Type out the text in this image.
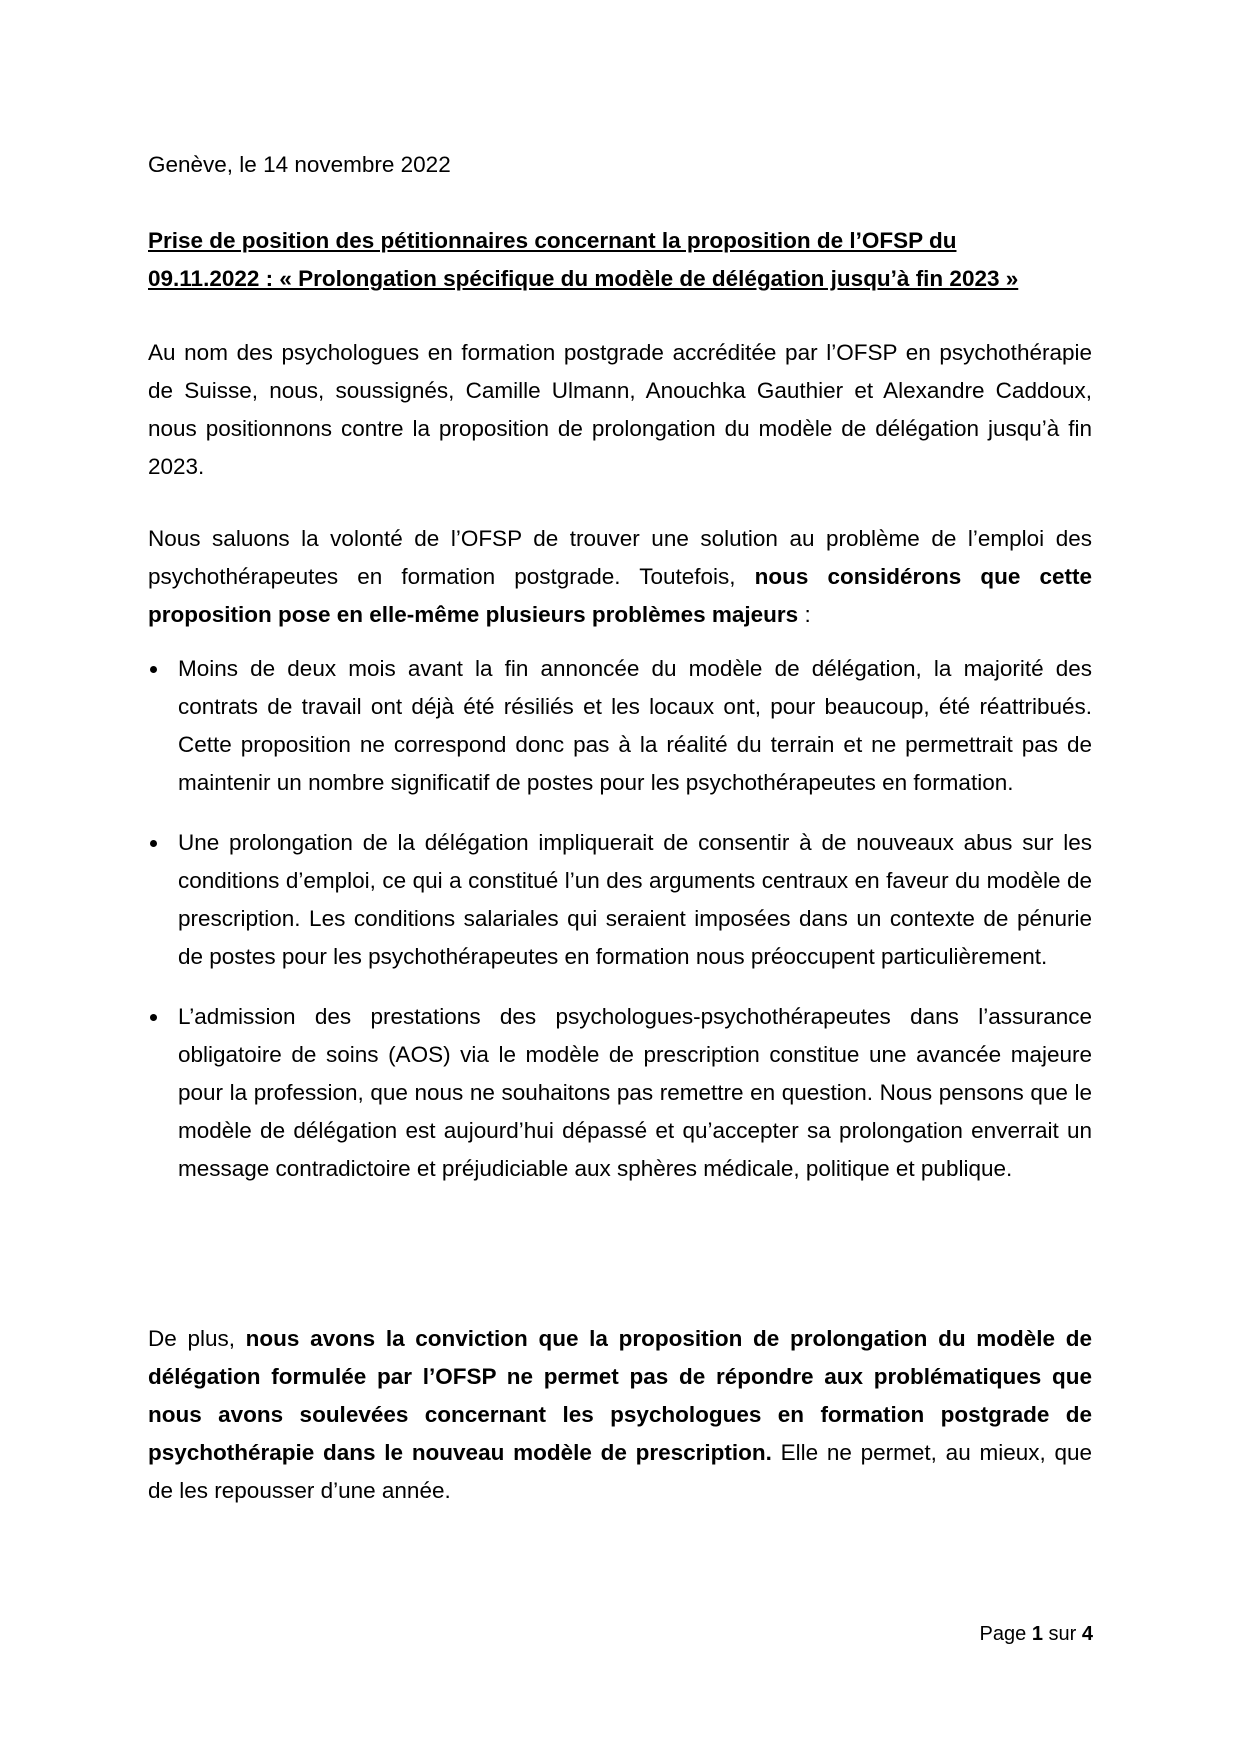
Genève, le 14 novembre 2022

Prise de position des pétitionnaires concernant la proposition de l’OFSP du
09.11.2022 : « Prolongation spécifique du modèle de délégation jusqu’à fin 2023 »

Au nom des psychologues en formation postgrade accréditée par l’OFSP en psychothérapie de Suisse, nous, soussignés, Camille Ulmann, Anouchka Gauthier et Alexandre Caddoux, nous positionnons contre la proposition de prolongation du modèle de délégation jusqu’à fin 2023.

Nous saluons la volonté de l’OFSP de trouver une solution au problème de l’emploi des psychothérapeutes en formation postgrade. Toutefois, nous considérons que cette proposition pose en elle-même plusieurs problèmes majeurs :

Moins de deux mois avant la fin annoncée du modèle de délégation, la majorité des contrats de travail ont déjà été résiliés et les locaux ont, pour beaucoup, été réattribués. Cette proposition ne correspond donc pas à la réalité du terrain et ne permettrait pas de maintenir un nombre significatif de postes pour les psychothérapeutes en formation.
Une prolongation de la délégation impliquerait de consentir à de nouveaux abus sur les conditions d’emploi, ce qui a constitué l’un des arguments centraux en faveur du modèle de prescription. Les conditions salariales qui seraient imposées dans un contexte de pénurie de postes pour les psychothérapeutes en formation nous préoccupent particulièrement.
L’admission des prestations des psychologues-psychothérapeutes dans l’assurance obligatoire de soins (AOS) via le modèle de prescription constitue une avancée majeure pour la profession, que nous ne souhaitons pas remettre en question. Nous pensons que le modèle de délégation est aujourd’hui dépassé et qu’accepter sa prolongation enverrait un message contradictoire et préjudiciable aux sphères médicale, politique et publique.

De plus, nous avons la conviction que la proposition de prolongation du modèle de délégation formulée par l’OFSP ne permet pas de répondre aux problématiques que nous avons soulevées concernant les psychologues en formation postgrade de psychothérapie dans le nouveau modèle de prescription. Elle ne permet, au mieux, que de les repousser d’une année.

Page 1 sur 4
